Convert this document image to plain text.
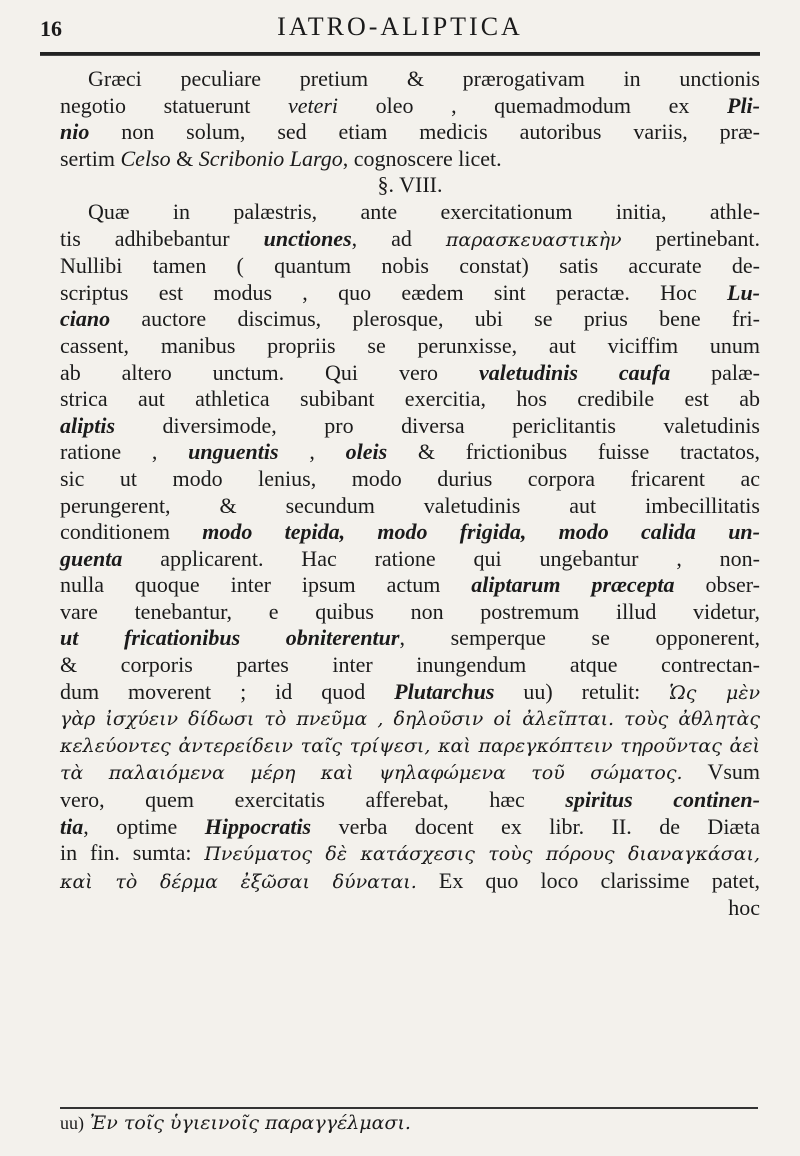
16	IATRO-ALIPTICA

Græci peculiare pretium & prærogativam in unctionis
negotio statuerunt veteri oleo , quemadmodum ex Pli-
nio non solum, sed etiam medicis autoribus variis, præ-
sertim Celso & Scribonio Largo, cognoscere licet.

§. VIII.

Quæ in palæstris, ante exercitationum initia, athle-
tis adhibebantur unctiones, ad παρασκευαστικὴν pertinebant.
Nullibi tamen ( quantum nobis constat) satis accurate de-
scriptus est modus , quo eædem sint peractæ. Hoc Lu-
ciano auctore discimus, plerosque, ubi se prius bene fri-
cassent, manibus propriis se perunxisse, aut viciffim unum
ab altero unctum. Qui vero valetudinis caufa palæ-
strica aut athletica subibant exercitia, hos credibile est ab
aliptis diversimode, pro diversa periclitantis valetudinis
ratione , unguentis , oleis & frictionibus fuisse tractatos,
sic ut modo lenius, modo durius corpora fricarent ac
perungerent, & secundum valetudinis aut imbecillitatis
conditionem modo tepida, modo frigida, modo calida un-
guenta applicarent. Hac ratione qui ungebantur , non-
nulla quoque inter ipsum actum aliptarum præcepta obser-
vare tenebantur, e quibus non postremum illud videtur,
ut fricationibus obniterentur, semperque se opponerent,
& corporis partes inter inungendum atque contrectan-
dum moverent ; id quod Plutarchus uu) retulit: Ὡς μὲν
γὰρ ἰσχύειν δίδωσι τὸ πνεῦμα , δηλοῦσιν οἱ ἀλεῖπται. τοὺς ἀθλητὰς
κελεύοντες ἀντερείδειν ταῖς τρίψεσι, καὶ παρεγκόπτειν τηροῦντας ἀεὶ
τὰ παλαιόμενα μέρη καὶ ψηλαφώμενα τοῦ σώματος. Vsum
vero, quem exercitatis afferebat, hæc spiritus continen-
tia, optime Hippocratis verba docent ex libr. II. de Diæta
in fin. sumta: Πνεύματος δὲ κατάσχεσις τοὺς πόρους διαναγκάσαι,
καὶ τὸ δέρμα ἐξῶσαι δύναται. Ex quo loco clarissime patet,
hoc

uu) Ἐν τοῖς ὑγιεινοῖς παραγγέλμασι.
